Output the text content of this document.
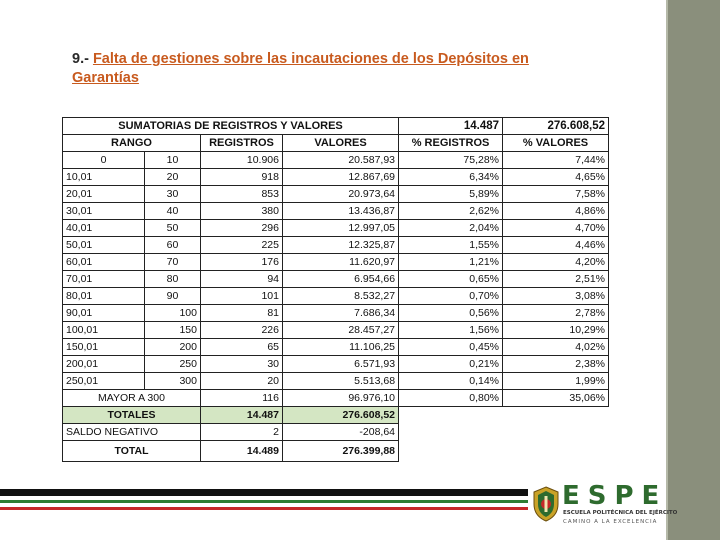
9.- Falta de gestiones sobre las incautaciones de los Depósitos en Garantías
SUMATORIAS DE REGISTROS Y VALORES				14.487	276.608,52
RANGO		REGISTROS	VALORES	% REGISTROS	% VALORES
0	10	10.906	20.587,93	75,28%	7,44%
10,01	20	918	12.867,69	6,34%	4,65%
20,01	30	853	20.973,64	5,89%	7,58%
30,01	40	380	13.436,87	2,62%	4,86%
40,01	50	296	12.997,05	2,04%	4,70%
50,01	60	225	12.325,87	1,55%	4,46%
60,01	70	176	11.620,97	1,21%	4,20%
70,01	80	94	6.954,66	0,65%	2,51%
80,01	90	101	8.532,27	0,70%	3,08%
90,01	100	81	7.686,34	0,56%	2,78%
100,01	150	226	28.457,27	1,56%	10,29%
150,01	200	65	11.106,25	0,45%	4,02%
200,01	250	30	6.571,93	0,21%	2,38%
250,01	300	20	5.513,68	0,14%	1,99%
MAYOR A 300		116	96.976,10	0,80%	35,06%
TOTALES		14.487	276.608,52		
SALDO NEGATIVO		2	-208,64		
TOTAL		14.489	276.399,88		
ESPE
ESCUELA POLITÉCNICA DEL EJÉRCITO
CAMINO A LA EXCELENCIA
